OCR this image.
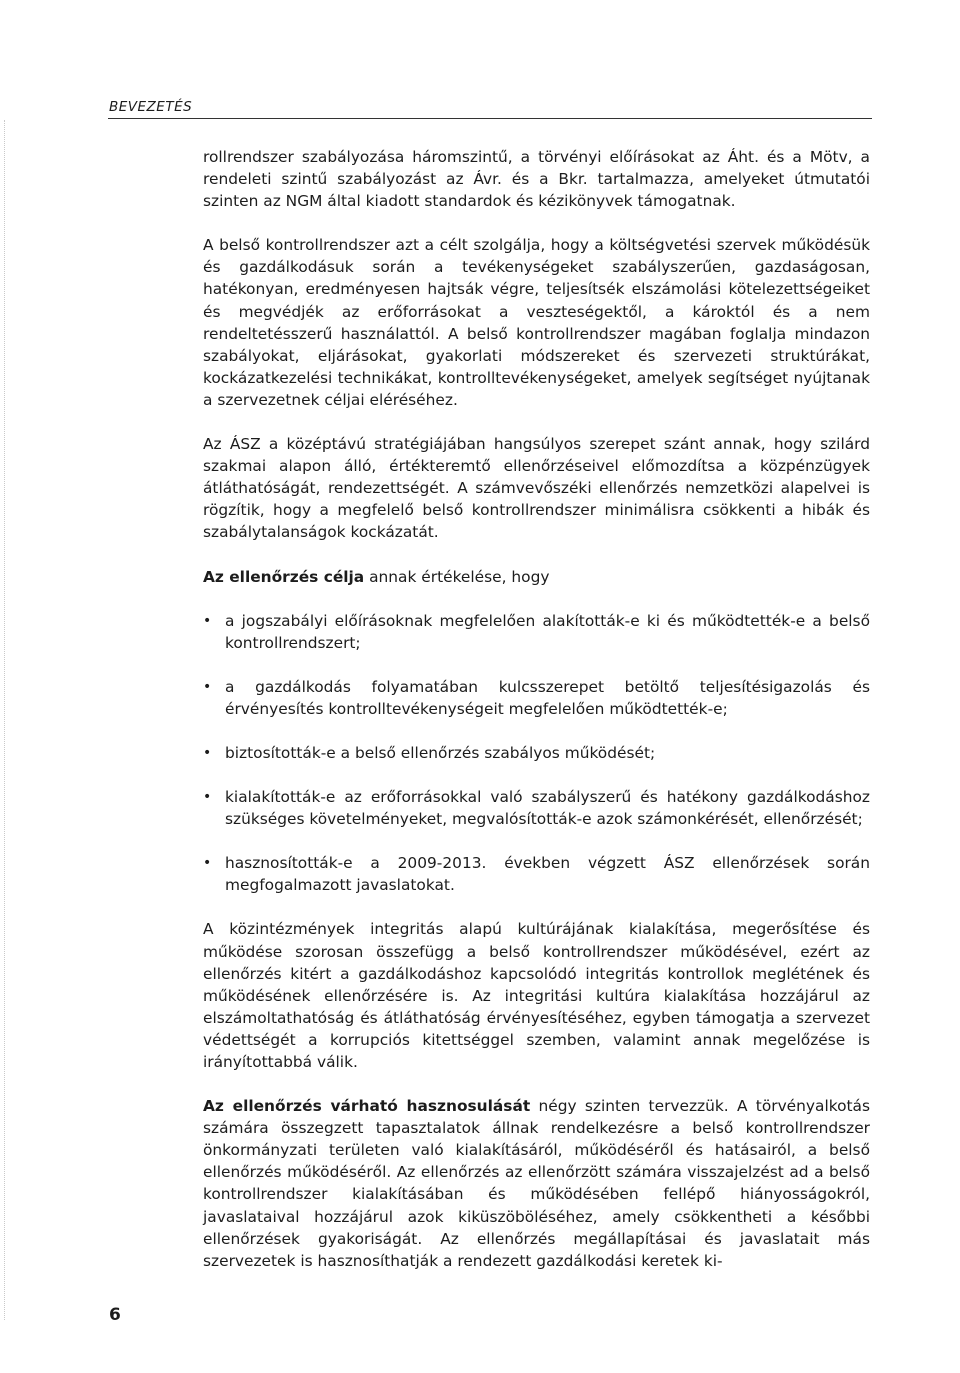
BEVEZETÉS

rollrendszer szabályozása háromszintű, a törvényi előírásokat az Áht. és a Mötv, a rendeleti szintű szabályozást az Ávr. és a Bkr. tartalmazza, amelyeket útmutatói szinten az NGM által kiadott standardok és kézikönyvek támogatnak.

A belső kontrollrendszer azt a célt szolgálja, hogy a költségvetési szervek működésük és gazdálkodásuk során a tevékenységeket szabályszerűen, gazdaságosan, hatékonyan, eredményesen hajtsák végre, teljesítsék elszámolási kötelezettségeiket és megvédjék az erőforrásokat a veszteségektől, a károktól és a nem rendeltetésszerű használattól. A belső kontrollrendszer magában foglalja mindazon szabályokat, eljárásokat, gyakorlati módszereket és szervezeti struktúrákat, kockázatkezelési technikákat, kontrolltevékenységeket, amelyek segítséget nyújtanak a szervezetnek céljai eléréséhez.

Az ÁSZ a középtávú stratégiájában hangsúlyos szerepet szánt annak, hogy szilárd szakmai alapon álló, értékteremtő ellenőrzéseivel előmozdítsa a közpénzügyek átláthatóságát, rendezettségét. A számvevőszéki ellenőrzés nemzetközi alapelvei is rögzítik, hogy a megfelelő belső kontrollrendszer minimálisra csökkenti a hibák és szabálytalanságok kockázatát.

Az ellenőrzés célja annak értékelése, hogy

• a jogszabályi előírásoknak megfelelően alakították-e ki és működtették-e a belső kontrollrendszert;
• a gazdálkodás folyamatában kulcsszerepet betöltő teljesítésigazolás és érvényesítés kontrolltevékenységeit megfelelően működtették-e;
• biztosították-e a belső ellenőrzés szabályos működését;
• kialakították-e az erőforrásokkal való szabályszerű és hatékony gazdálkodáshoz szükséges követelményeket, megvalósították-e azok számonkérését, ellenőrzését;
• hasznosították-e a 2009-2013. években végzett ÁSZ ellenőrzések során megfogalmazott javaslatokat.

A közintézmények integritás alapú kultúrájának kialakítása, megerősítése és működése szorosan összefügg a belső kontrollrendszer működésével, ezért az ellenőrzés kitért a gazdálkodáshoz kapcsolódó integritás kontrollok meglétének és működésének ellenőrzésére is. Az integritási kultúra kialakítása hozzájárul az elszámoltathatóság és átláthatóság érvényesítéséhez, egyben támogatja a szervezet védettségét a korrupciós kitettséggel szemben, valamint annak megelőzése is irányítottabbá válik.

Az ellenőrzés várható hasznosulását négy szinten tervezzük. A törvényalkotás számára összegzett tapasztalatok állnak rendelkezésre a belső kontrollrendszer önkormányzati területen való kialakításáról, működéséről és hatásairól, a belső ellenőrzés működéséről. Az ellenőrzés az ellenőrzött számára visszajelzést ad a belső kontrollrendszer kialakításában és működésében fellépő hiányosságokról, javaslataival hozzájárul azok kiküszöböléséhez, amely csökkentheti a későbbi ellenőrzések gyakoriságát. Az ellenőrzés megállapításai és javaslatait más szervezetek is hasznosíthatják a rendezett gazdálkodási keretek ki-

6
